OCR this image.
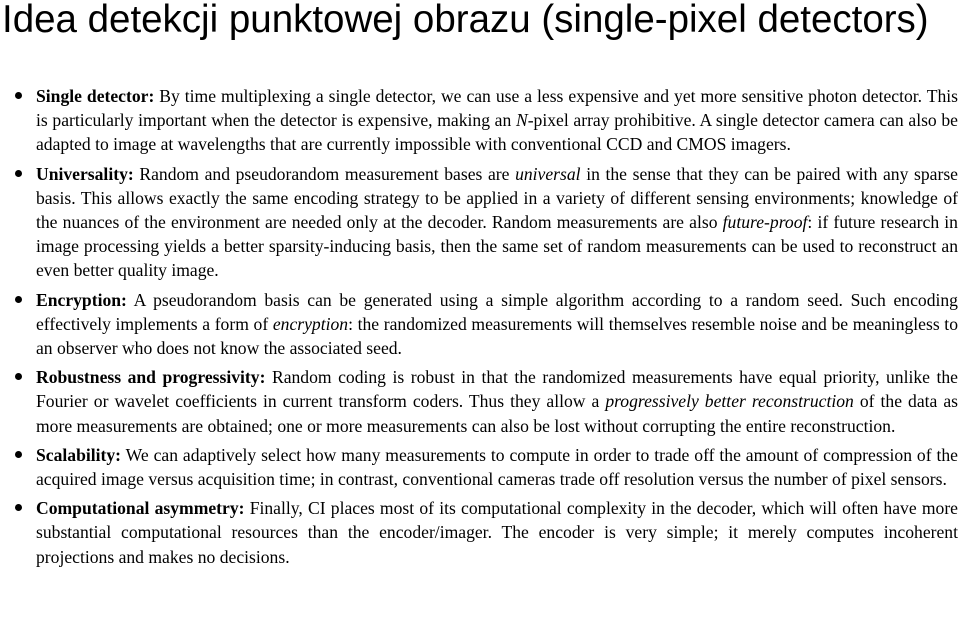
Idea detekcji punktowej obrazu (single-pixel detectors)
Single detector: By time multiplexing a single detector, we can use a less expensive and yet more sensitive photon detector. This is particularly important when the detector is expensive, making an N-pixel array prohibitive. A single detector camera can also be adapted to image at wavelengths that are currently impossible with conventional CCD and CMOS imagers.
Universality: Random and pseudorandom measurement bases are universal in the sense that they can be paired with any sparse basis. This allows exactly the same encoding strategy to be applied in a variety of different sensing environments; knowledge of the nuances of the environment are needed only at the decoder. Random measurements are also future-proof: if future research in image processing yields a better sparsity-inducing basis, then the same set of random measurements can be used to reconstruct an even better quality image.
Encryption: A pseudorandom basis can be generated using a simple algorithm according to a random seed. Such encoding effectively implements a form of encryption: the randomized measurements will themselves resemble noise and be meaningless to an observer who does not know the associated seed.
Robustness and progressivity: Random coding is robust in that the randomized measurements have equal priority, unlike the Fourier or wavelet coefficients in current transform coders. Thus they allow a progressively better reconstruction of the data as more measurements are obtained; one or more measurements can also be lost without corrupting the entire reconstruction.
Scalability: We can adaptively select how many measurements to compute in order to trade off the amount of compression of the acquired image versus acquisition time; in contrast, conventional cameras trade off resolution versus the number of pixel sensors.
Computational asymmetry: Finally, CI places most of its computational complexity in the decoder, which will often have more substantial computational resources than the encoder/imager. The encoder is very simple; it merely computes incoherent projections and makes no decisions.
